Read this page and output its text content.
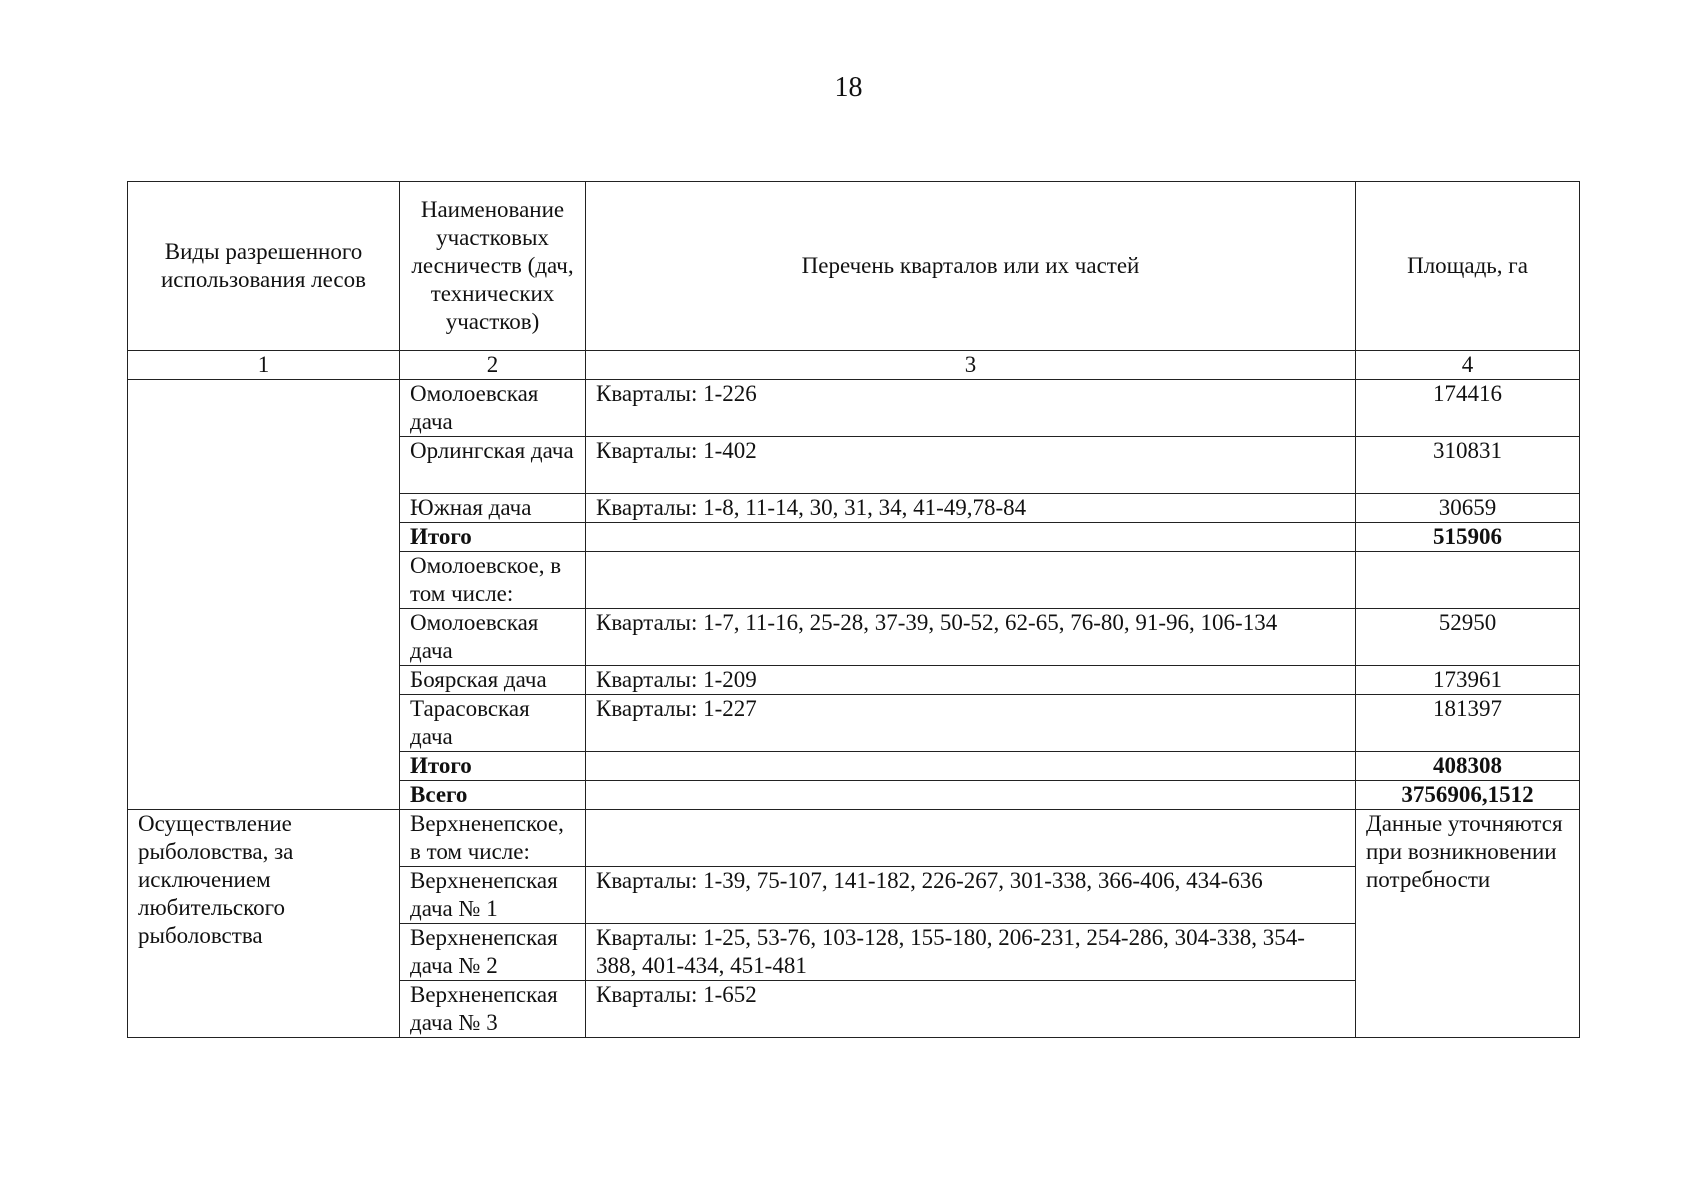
18
Виды разрешенного использования лесов	Наименование участковых лесничеств (дач, технических участков)	Перечень кварталов или их частей	Площадь, га
1	2	3	4
	Омолоевская дача	Кварталы: 1-226	174416
	Орлингская дача	Кварталы: 1-402	310831
	Южная дача	Кварталы: 1-8, 11-14, 30, 31, 34, 41-49,78-84	30659
	Итого		515906
	Омолоевское, в том числе:		
	Омолоевская дача	Кварталы: 1-7, 11-16, 25-28, 37-39, 50-52, 62-65, 76-80, 91-96, 106-134	52950
	Боярская дача	Кварталы: 1-209	173961
	Тарасовская дача	Кварталы: 1-227	181397
	Итого		408308
	Всего		3756906,1512
Осуществление рыболовства, за исключением любительского рыболовства	Верхненепское, в том числе:		Данные уточняются при возникновении потребности
	Верхненепская дача № 1	Кварталы: 1-39, 75-107, 141-182, 226-267, 301-338, 366-406, 434-636	
	Верхненепская дача № 2	Кварталы: 1-25, 53-76, 103-128, 155-180, 206-231, 254-286, 304-338, 354-388, 401-434, 451-481	
	Верхненепская дача № 3	Кварталы: 1-652	
